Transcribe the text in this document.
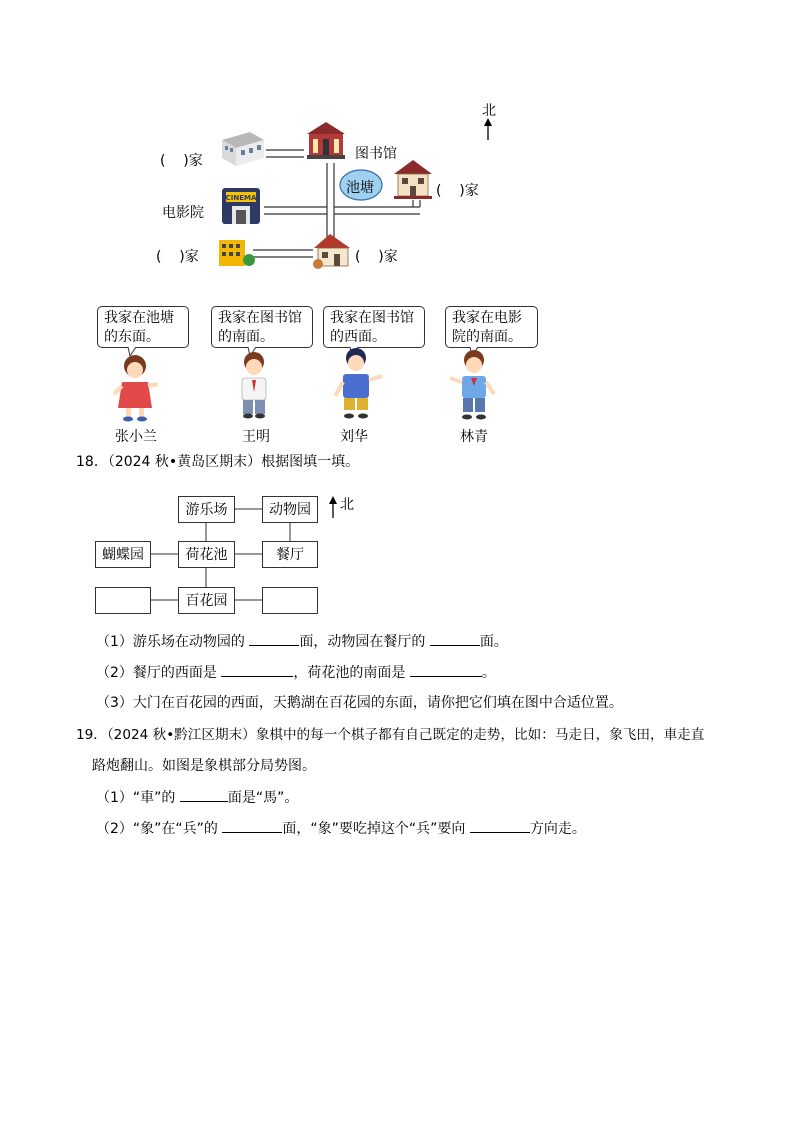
北
池塘
图书馆
电影院
(    )家
(    )家
(    )家	(    )家
CINEMA
我家在池塘
的东面。
我家在图书馆
的南面。
我家在图书馆
的西面。
我家在电影
院的南面。
张小兰	王明	刘华	林青
18．（2024 秋•黄岛区期末）根据图填一填。
北
游乐场	动物园
蝴蝶园	荷花池	餐厅
百花园
（1）游乐场在动物园的	面，动物园在餐厅的	面。
（2）餐厅的西面是	，荷花池的南面是	。
（3）大门在百花园的西面，天鹅湖在百花园的东面，请你把它们填在图中合适位置。
19．（2024 秋•黔江区期末）象棋中的每一个棋子都有自己既定的走势，比如：马走日，象飞田，車走直
路炮翻山。如图是象棋部分局势图。
（1）“車”的	面是“馬”。
（2）“象”在“兵”的	面，“象”要吃掉这个“兵”要向	方向走。
